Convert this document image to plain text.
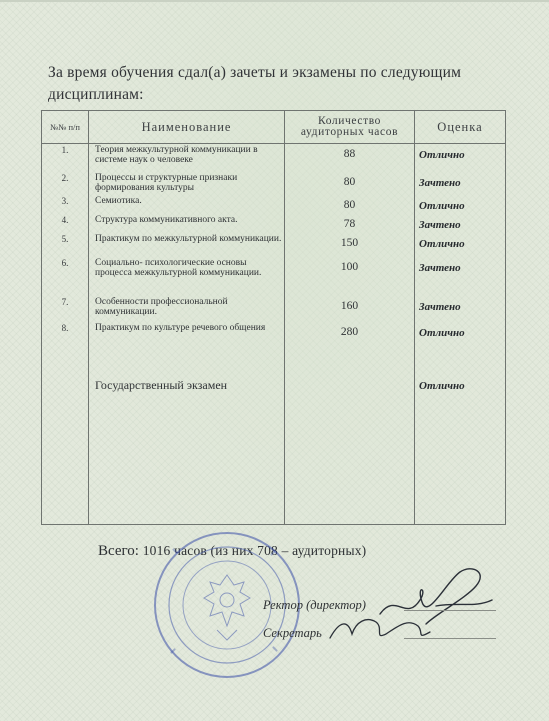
За время обучения сдал(а) зачеты и экзамены по следующим
дисциплинам:
№№ п/п	Наименование	Количество аудиторных часов	Оценка
1.	Теория межкультурной коммуникации в системе наук о человеке	88	Отлично
2.	Процессы и структурные признаки формирования культуры	80	Зачтено
3.	Семиотика.	80	Отлично
4.	Структура коммуникативного акта.	78	Зачтено
5.	Практикум по межкультурной коммуникации.	150	Отлично
6.	Социально- психологические основы процесса межкультурной коммуникации.	100	Зачтено
7.	Особенности профессиональной коммуникации.	160	Зачтено
8.	Практикум по культуре речевого общения	280	Отлично
	Государственный экзамен		Отлично

Всего: 1016 часов (из них 708 – аудиторных)
Ректор (директор)
Секретарь
